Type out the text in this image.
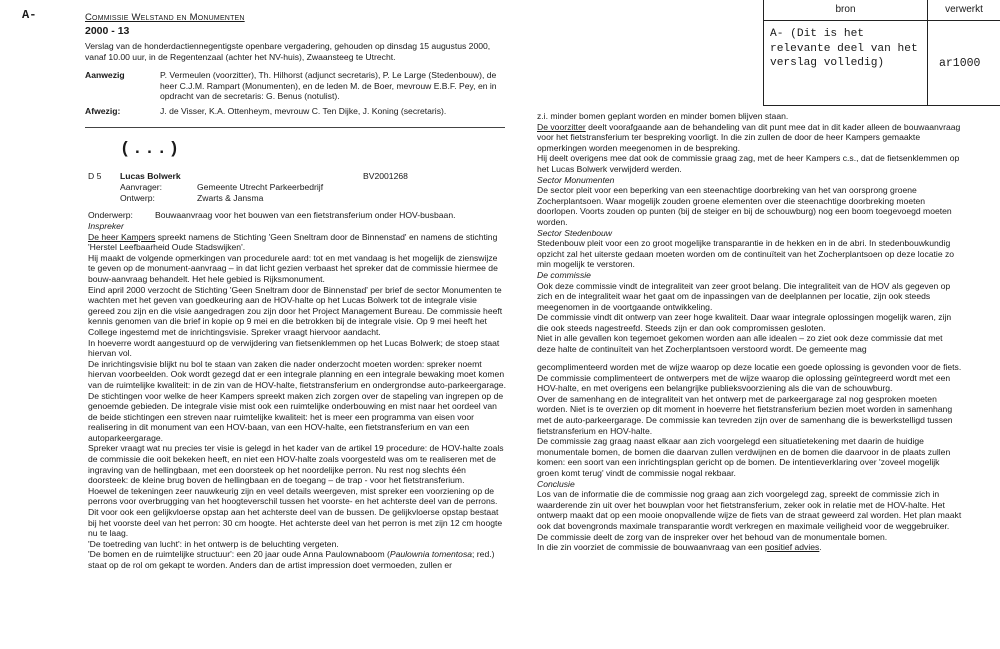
A-	Commissie Welstand en Monumenten
2000 - 13
Verslag van de honderdactiennegentigste openbare vergadering, gehouden op dinsdag 15 augustus 2000, vanaf 10.00 uur, in de Regentenzaal (achter het NV-huis), Zwaansteeg te Utrecht.
Aanwezig	P. Vermeulen (voorzitter), Th. Hilhorst (adjunct secretaris), P. Le Large (Stedenbouw), de heer C.J.M. Rampart (Monumenten), en de leden M. de Boer, mevrouw E.B.F. Pey, en in opdracht van de secretaris: G. Benus (notulist).
Afwezig:	J. de Visser, K.A. Ottenheym, mevrouw C. Ten Dijke, J. Koning (secretaris).
bron	verwerkt
A- (Dit is het relevante deel van het verslag volledig)	ar1000
(...)
D 5 Lucas Bolwerk	BV2001268
Aanvrager:	Gemeente Utrecht Parkeerbedrijf
Ontwerp:	Zwarts & Jansma
Onderwerp:	Bouwaanvraag voor het bouwen van een fietstransferium onder HOV-busbaan.

Inspreker

De heer Kampers spreekt namens de Stichting 'Geen Sneltram door de Binnenstad' en namens de stichting 'Herstel Leefbaarheid Oude Stadswijken'.

Hij maakt de volgende opmerkingen van procedurele aard: tot en met vandaag is het mogelijk de zienswijze te geven op de monument-aanvraag – in dat licht gezien verbaast het spreker dat de commissie hiermee de bouw-aanvraag behandelt. Het hele gebied is Rijksmonument.

Eind april 2000 verzocht de Stichting 'Geen Sneltram door de Binnenstad' per brief de sector Monumenten te wachten met het geven van goedkeuring aan de HOV-halte op het Lucas Bolwerk tot de integrale visie gereed zou zijn en die visie aangedragen zou zijn door het Project Management Bureau. De commissie heeft kennis genomen van die brief in kopie op 9 mei en die betrokken bij de integrale visie. Op 9 mei heeft het College ingestemd met de inrichtingsvisie. Spreker vraagt hiervoor aandacht.

In hoeverre wordt aangestuurd op de verwijdering van fietsenklemmen op het Lucas Bolwerk; de stoep staat hiervan vol.

De inrichtingsvisie blijkt nu bol te staan van zaken die nader onderzocht moeten worden: spreker noemt hiervan voorbeelden. Ook wordt gezegd dat er een integrale planning en een integrale bewaking moet komen van de ruimtelijke kwaliteit: in de zin van de HOV-halte, fietstransferium en ondergrondse auto-parkeergarage. De stichtingen voor welke de heer Kampers spreekt maken zich zorgen over de stapeling van ingrepen op de genoemde gebieden. De integrale visie mist ook een ruimtelijke onderbouwing en mist naar het oordeel van de beide stichtingen een streven naar ruimtelijke kwaliteit: het is meer een programma van eisen voor realisering in dit monument van een HOV-baan, van een HOV-halte, een fietstransferium en van een autoparkeergarage.

Spreker vraagt wat nu precies ter visie is gelegd in het kader van de artikel 19 procedure: de HOV-halte zoals de commissie die ooit bekeken heeft, en niet een HOV-halte zoals voorgesteld was om te realiseren met de ingraving van de hellingbaan, met een doorsteek op het noordelijke perron. Nu rest nog slechts één doorsteek: de kleine brug boven de hellingbaan en de toegang – de trap - voor het fietstransferium.

Hoewel de tekeningen zeer nauwkeurig zijn en veel details weergeven, mist spreker een voorziening op de perrons voor overbrugging van het hoogteverschil tussen het voorste- en het achterste deel van de perrons. Dit voor ook een gelijkvloerse opstap aan het achterste deel van de bussen. De gelijkvloerse opstap bestaat bij het voorste deel van het perron: 30 cm hoogte. Het achterste deel van het perron is met zijn 12 cm hoogte nu te laag.

'De toetreding van lucht': in het ontwerp is de beluchting vergeten.

'De bomen en de ruimtelijke structuur': een 20 jaar oude Anna Paulownaboom (Paulownia tomentosa; red.) staat op de rol om gekapt te worden. Anders dan de artist impression doet vermoeden, zullen er

z.i. minder bomen geplant worden en minder bomen blijven staan.

De voorzitter deelt voorafgaande aan de behandeling van dit punt mee dat in dit kader alleen de bouwaanvraag voor het fietstransferium ter bespreking voorligt. In die zin zullen de door de heer Kampers gemaakte opmerkingen worden meegenomen in de bespreking.

Hij deelt overigens mee dat ook de commissie graag zag, met de heer Kampers c.s., dat de fietsenklemmen op het Lucas Bolwerk verwijderd werden.

Sector Monumenten

De sector pleit voor een beperking van een steenachtige doorbreking van het van oorsprong groene Zocherplantsoen. Waar mogelijk zouden groene elementen over die steenachtige doorbreking moeten doorlopen. Voorts zouden op punten (bij de steiger en bij de schouwburg) nog een boom toegevoegd moeten worden.

Sector Stedenbouw

Stedenbouw pleit voor een zo groot mogelijke transparantie in de hekken en in de abri. In stedenbouwkundig opzicht zal het uiterste gedaan moeten worden om de continuïteit van het Zocherplantsoen op deze locatie zo min mogelijk te verstoren.

De commissie

Ook deze commissie vindt de integraliteit van zeer groot belang. Die integraliteit van de HOV als gegeven op zich en de integraliteit waar het gaat om de inpassingen van de deelplannen per locatie, zijn ook steeds meegenomen in de voortgaande ontwikkeling.

De commissie vindt dit ontwerp van zeer hoge kwaliteit. Daar waar integrale oplossingen mogelijk waren, zijn die ook steeds nagestreefd. Steeds zijn er dan ook compromissen gesloten.

Niet in alle gevallen kon tegemoet gekomen worden aan alle idealen – zo ziet ook deze commissie dat met deze halte de continuïteit van het Zocherplantsoen verstoord wordt. De gemeente mag

gecomplimenteerd worden met de wijze waarop op deze locatie een goede oplossing is gevonden voor de fiets. De commissie complimenteert de ontwerpers met de wijze waarop die oplossing geïntegreerd wordt met een HOV-halte, en met overigens een belangrijke publieksvoorziening als die van de schouwburg.

Over de samenhang en de integraliteit van het ontwerp met de parkeergarage zal nog gesproken moeten worden. Niet is te overzien op dit moment in hoeverre het fietstransferium bezien moet worden in samenhang met de auto-parkeergarage. De commissie kan tevreden zijn over de samenhang die is bewerkstelligd tussen fietstransferium en HOV-halte.

De commissie zag graag naast elkaar aan zich voorgelegd een situatietekening met daarin de huidige monumentale bomen, de bomen die daarvan zullen verdwijnen en de bomen die daarvoor in de plaats zullen komen: een soort van een inrichtingsplan gericht op de bomen. De intentieverklaring over 'zoveel mogelijk groen komt terug' vindt de commissie nogal rekbaar.

Conclusie

Los van de informatie die de commissie nog graag aan zich voorgelegd zag, spreekt de commissie zich in waarderende zin uit over het bouwplan voor het fietstransferium, zeker ook in relatie met de HOV-halte. Het ontwerp maakt dat op een mooie onopvallende wijze de fiets van de straat geweerd zal worden. Het plan maakt ook dat bovengronds maximale transparantie wordt verkregen en maximale veiligheid voor de weggebruiker.

De commissie deelt de zorg van de inspreker over het behoud van de monumentale bomen.

In die zin voorziet de commissie de bouwaanvraag van een positief advies.
